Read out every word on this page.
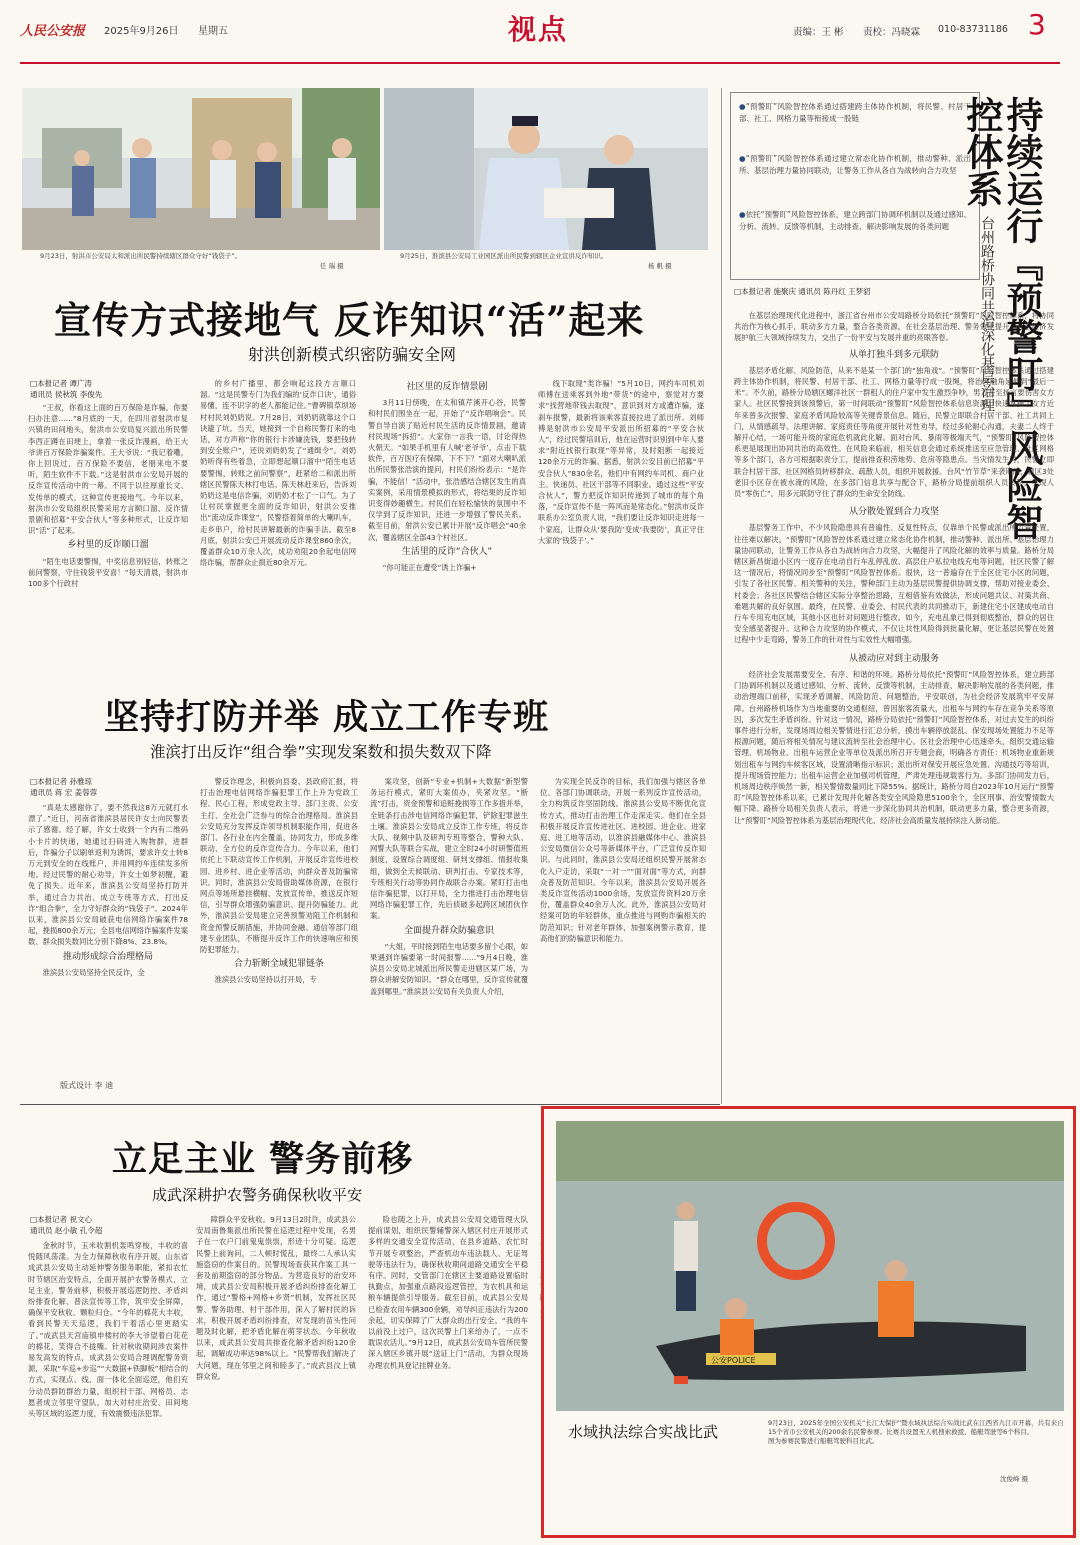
人民公安报 2025年9月26日 星期五	视点	责编：王 彬 责校：冯晓霖 010-83731186 3
9月23日，射洪市公安局太和派出所民警持续辖区群众守好“钱袋子”。
任 瑞 摄
9月25日，淮滨县公安局工业园区派出所民警到辖区企业宣讲反诈知识。
杨 帆 摄
●“预警盯”风险智控体系通过搭建跨主体协作机制，将民警、村居干部、社工、网格力量等衔接成一股链
●“预警盯”风险智控体系通过建立常态化协作机制，推动警种、派出所、基层治理力量协同联动，让警务工作从各自为战转向合力攻坚
●依托“预警盯”风险智控体系，建立跨部门协调环机制以及通过感知、分析、流转、反馈等机制，主动排查、解决影响发展的各类问题	持续运行『预警盯』风险智控体系
台州路桥协同共治深化基层治理
□本报记者 施聚庆 通讯员 陈丹红 王梦貂

在基层治理现代化进程中，浙江省台州市公安局路桥分局依托“预警盯”风险智控体系，将协同共治作为核心抓手，联动多方力量，整合各类资源，在社会基层治理、警务效能提升、社会经济发展护航三大领域持续发力，交出了一份平安与发展并重的亮眼答卷。

从单打独斗到多元联防

基层矛盾化解、风险防范，从来不是某一个部门的“独角戏”。“预警盯”风险智控体系通过搭建跨主体协作机制，将民警、村居干部、社工、网格力量等拧成一股绳，将治理触角延伸到“最后一米”。不久前，路桥分局辖区螺洋社区一群租人的住户家中发生激烈争吵，男方甚至扬言要伤害女方家人。社区民警接到该预警后，第一时间联动“预警盯”风险智控体系信息资源，快速掌握了女方近年来曾多次报警、家庭矛盾风险较高等关键背景信息。随后，民警立即联合村居干部、社工共同上门，从情感疏导、法理讲解、家庭责任等角度开展针对性劝导，经过多轮耐心沟通，夫妻二人终于解开心结，一场可能升级的家庭危机就此化解。面对台风、暴雨等极端天气，“预警盯”风险智控体系更是展现出协同共治的高效性。在风险来临前，相关信息会通过系统推送至应急管理、社区网格等多个部门，各方可根据职责分工，提前排查积涝地势、危房等隐患点。当灾情发生时，民警立即联合村居干部、社区网格员转移群众、疏散人员，组织开展救援。台风“竹节草”来袭期间，辖区3处老旧小区存在被水淹的风险，在多部门信息共享与配合下，路桥分局提前组织人员转移，实现人员“零伤亡”，用多元联防守住了群众的生命安全防线。

从分散处置到合力攻坚

基层警务工作中，不少风险隐患具有普遍性、反复性特点，仅靠单个民警或派出所力量处置，往往难以解决。“预警盯”风险智控体系通过建立常态化协作机制，推动警种、派出所、基层治理力量协同联动，让警务工作从各自为战转向合力攻坚，大幅提升了风险化解的效率与质量。路桥分局辖区新昌街道小区内一度存在电动自行车乱停乱放、高层住户私拉电线充电等问题，社区民警了解这一情况后，将情况同步至“预警盯”风险智控体系。很快，这一普遍存在于全区住宅小区的问题，引发了各社区民警、相关警种的关注，警种部门主动为基层民警提供协调支撑，帮助对接业委会、村委会；各社区民警结合辖区实际分享整治思路，互相借鉴有效做法，形成问题共议、对策共商、难题共解的良好氛围。最终，在民警、业委会、村民代表的共同推动下，新建住宅小区建成电动自行车专用充电区域，其他小区也针对问题进行整改。如今，充电乱象已得到彻底整治，群众的居住安全感显著提升。这种合力攻坚的协作模式，不仅让共性风险得到批量化解，更让基层民警在处置过程中少走弯路，警务工作的针对性与实效性大幅增强。

从被动应对到主动服务

经济社会发展需要安全、有序、和谐的环境。路桥分局依托“预警盯”风险智控体系，建立跨部门协调环机制以及通过感知、分析、流转、反馈等机制，主动排查、解决影响发展的各类问题，推动治理端口前移，实现矛盾调解、风险防范、问题整治、平安联创，为社会经济发展筑牢平安屏障。台州路桥机场作为当地重要的交通枢纽，曾因旅客流量大，出租车与网约车存在竞争关系等原因，多次发生矛盾纠纷。针对这一情况，路桥分局依托“预警盯”风险智控体系，对过去发生的纠纷事件进行分析，发现场周边相关警情进行汇总分析，摸出车辆停放混乱、保安现场处置能力不足等根源问题，随后将相关情况与建议流转至社会治理中心。区社会治理中心迅速牵头，组织交通运输管理、机场物业、出租车运营企业等单位及派出所召开专题会商，明确各方责任：机场物业重新规划出租车与网约车候客区域，设置清晰指示标识；派出所对保安开展应急处置、沟通技巧等培训，提升现场管控能力；出租车运营企业加强司机管理，严肃处理违规载客行为。多部门协同发力后，机场周边秩序焕然一新，相关警情数量同比下降55%。据统计，路桥分局自2023年10月运行“预警盯”风险智控体系以来，已累计发现并化解各类安全风险隐患5100余个，全区刑事、治安警情数大幅下降。路桥分局相关负责人表示，将进一步深化协同共治机制，联动更多力量，整合更多资源，让“预警盯”风险智控体系为基层治理现代化、经济社会高质量发展持续注入新动能。

宣传方式接地气 反诈知识“活”起来
射洪创新模式织密防骗安全网
□本报记者 谭广涛
通讯员 侯秋筑 李俊先

“王叔，你看这上面的百万保险是诈骗，你要扫办注意……”8月底的一天，在四川省射洪市复兴镇的田间地头，射洪市公安局复兴派出所民警李西正蹲在田埂上，拿着一张反诈漫画，给王大爷讲百万保险诈骗案件。王大爷说：“我记着嘞，你上回说过，百万保险不要信，老朋来电不要听，陌生软件不下载。”这是射洪市公安局开展的反诈宣传活动中的一幕。不同于以往厚重长文、发传单的模式，这种宣传更接地气。今年以来，射洪市公安局组织民警采用方言顺口溜、反诈情景剧和招募“平安合伙人”等多种形式，让反诈知识“活”了起来。

乡村里的反诈顺口溜

“陌生电话要警惕，中奖信息别轻信，转账之前问警察，守住钱袋平安喜！”每天清晨，射洪市100多个行政村

的乡村广播里，都会响起这段方言顺口溜。“这是民警专门为我们编的‘反诈口诀’，通俗易懂，连不识字的老人都能记住。”曹碑镇草坝场村村民刘奶奶说。7月28日，刘奶奶就靠这个口诀避了坑。当天，她接到一个自称民警打来的电话，对方声称“你的银行卡涉嫌洗钱，要把钱转到安全账户”，还说刘奶奶发了“通缉令”。刘奶奶听得有些着急，立即想起顺口溜中“陌生电话要警惕，转账之前问警察”，赶紧给二和派出所辖区民警陈天林打电话。陈天林赶来后，告诉刘奶奶这是电信诈骗，刘奶奶才松了一口气。为了让村民掌握更全面的反诈知识，射洪公安推出“流动反诈课堂”，民警搭着简单的大喇叭车，走乡串户，给村民讲解最新的诈骗手法。截至8月底，射洪公安已开展流动反诈课堂860余次，覆盖群众10万余人次，成功劝阻20余起电信网络诈骗，帮群众止损近80余万元。

社区里的反诈情景剧

3月11日傍晚，在太和镇芹溪开心谷，民警和村民们围坐在一起，开始了“反诈唱响会”。民警自导自演了贴近村民生活的反诈情景剧，邀请村民现场“拆招”。大家你一言我一语，讨论得热火朝天。“如果手机里有人喊‘老爷爷’，点击下载软件，百万医疗有保障，下不下？”面对大喇叭派出所民警张浩演的提问，村民们纷纷表示：“是诈骗，不能信！”活动中，张浩感结合辖区发生的真实案例，采用情景模拟的形式，将结果的反诈知识变得妙趣横生。村民们在轻松愉快的氛围中不仅学到了反诈知识，还进一步增强了警民关系。截至目前，射洪公安已累计开展“反诈唱会”40余次，覆盖辖区全部43个村社区。

生活里的反诈“合伙人”

“你可能正在遭受”诱上诈骗+

线下取现”类诈骗！”5月10日，网约车司机刘师傅在送乘客到外地“带货”的途中，察觉对方要求“找营地带钱去取现”，意识到对方或遭诈骗，遂刹车报警，最新将该乘客直接拉进了派出所。刘师傅是射洪市公安局平安派出所招募的“平安合伙人”，经过民警培训后，他在运营时识别到中年人要求“附近找银行取现”等异常，及时阻断一起接近120余万元的诈骗。据悉，射洪公安目前已招募“平安合伙人”830余名，他们中有网约车司机、商户业主、快递员、社区干部等不同职业。通过这些“平安合伙人”，警方把反诈知识传递到了城市的每个角落，“反诈宣传不是一阵风而是常态化。”射洪市反诈联系办公室负责人说，“我们要让反诈知识走进每一个家庭，让群众从‘要我防’变成‘我要防’，真正守住大家的‘钱袋子’。”

坚持打防并举 成立工作专班
淮滨打出反诈“组合拳”实现发案数和损失数双下降
□本报记者 孙雅琼
通讯员 蒋 宏 姜蓉蓉

“真是太感谢你了，要不然我这8万元就打水漂了。”近日，河南省淮滨县居民许女士向民警表示了感谢。经了解，许女士收到一个内有二维码小卡片的快递，她通过扫码进入购物群，进群后，诈骗分子以刷单返利为诱饵，要求许女士转8万元到安全的在线账户，并用网约车连续发多所地。经过民警的耐心劝导，许女士如梦初醒，避免了损失。近年来，淮滨县公安局坚持打防并举，通过合力共治、成立专班等方式，打出反诈“组合拳”，全力守好群众的“钱袋子”。2024年以来，淮滨县公安局破获电信网络诈骗案件78起，挽损800余万元；全县电信网络诈骗案件发案数、群众损失数同比分别下降8%、23.8%。

推动形成综合治理格局

淮滨县公安局坚持全民反诈，全

警反诈理念，积极向县委、县政府汇报，将打击治理电信网络诈骗犯罪工作上升为党政工程、民心工程，形成党政主导、部门主责、公安主打、全社会广泛参与的综合治理格局。淮滨县公安局充分发挥反诈领导机制职能作用，促进各部门、各行业在内全覆盖，协同发力，形成多维联动、全方位的反诈宣传合力。今年以来，他们依托上下联动宣传工作机制，开展反诈宣传进校园、进乡村、进企业等活动，向群众普及防骗常识。同时，淮滨县公安局借助媒体资源，在银行网点等场所悬挂横幅、发放宣传单，推送反诈短信，引导群众增强防骗意识、提升防骗能力。此外，淮滨县公安局建立完善预警劝阻工作机制和资金预警反制措施，并协同金融、通信等部门组建专业团队，不断提升反诈工作的快速响应和预防犯罪能力。

合力斩断全域犯罪链条

淮滨县公安局坚持以打开局，专

案攻坚，创新“专业+机制+大数据”新型警务运行模式，紧盯大案侦办，夹紧攻坚。“断流”打击，资金预警和追赃挽损等工作多措并举，全链条打击涉电信网络诈骗犯罪，铲除犯罪滋生土壤。淮滨县公安局成立反诈工作专班，将反诈大队、视频中队及研判专班等整合，警种大队、网警大队等联合实战，建立全时24小时研警值班制度，设置综合调度组、研判支撑组、情报收集组，做到全天候联动、研判打击、专家技术等，专班相关行动等协同作战联合办案。紧盯打击电信诈骗犯罪，以打开局，全力推进打击治理电信网络诈骗犯罪工作，先后侦破多起跨区域团伙作案。

全面提升群众防骗意识

“大姐，平时接到陌生电话要多留个心眼，如果遇到诈骗要第一时间报警……”9月4日晚，淮滨县公安局北城派出所民警走进辖区某广场，为群众讲解安防知识。“群众在哪里，反诈宣传就覆盖到哪里。”淮滨县公安局有关负责人介绍，

为实现全民反诈的目标，我们加强与辖区各单位、各部门协调联动，开展一系列反诈宣传活动，全力构筑反诈坚固防线。淮滨县公安局不断优化宣传方式，推动打击治理工作走深走实。他们在全县积极开展反诈宣传进社区、进校园、进企业、进家庭、进工地等活动，以淮滨县融媒体中心、淮滨县公安局微信公众号等新媒体平台，广泛宣传反诈知识。与此同时，淮滨县公安局还组织民警开展常态化入户走访，采取“一对一”“面对面”等方式，向群众普及防范知识。今年以来，淮滨县公安局开展各类反诈宣传活动1000余场，发放宣传资料20万余份，覆盖群众40余万人次。此外，淮滨县公安局对经案可防的年轻群体，重点推进与网购诈骗相关的防范知识；针对老年群体，加强案例警示教育，提高他们的防骗意识和能力。

版式设计 李 迪
立足主业 警务前移
成武深耕护农警务确保秋收平安
□本报记者 祝文心
通讯员 赵小敏 孔令超

金秋时节，玉米收割机轰鸣穿梭，丰收的喜悦随风荡漾。为全力保障秋收有序开展，山东省成武县公安局主动延伸警务服务职能，紧扣农忙时节辖区治安特点，全面开展护农警务模式，立足主业，警务前移，积极开展巡逻防控、矛盾纠纷排查化解、普法宣传等工作，筑牢安全屏障，确保平安秋收、颗粒归仓。“今年的棉花大丰收，看到民警天天巡逻，我们干着活心里更踏实了。”成武县天宫庙镇申楼村的李大爷望着白花花的棉花，笑得合不拢嘴。针对秋收期间涉农案件易发高发的特点，成武县公安局合理调配警务资源，采取“车巡+步巡”“大数据+铁脚板”相结合的方式，实现点、线、面一体化全面巡逻，他们充分动员群防群治力量，组织村干部、网格员、志愿者成立邻里守望队，加大对村庄治安、田间地头等区域的巡逻力度，有效震慑违法犯罪。

障群众平安秋收。9月13日2时许，成武县公安局南鲁集派出所民警在巡逻过程中发现，名男子在一农户门前鬼鬼祟祟，形迹十分可疑。巡逻民警上前询问，二人顿时慌乱，最终二人承认实施盗窃的作案目的。民警现场查获其作案工具一套及前期盗窃的部分物品。为营造良好的治安环境，成武县公安局积极开展矛盾纠纷排查化解工作，通过“警格+网格+乡贤”机制，发挥社区民警、警务助理、村干部作用，深入了解村民的诉求，积极开展矛盾纠纷排查，对发现的苗头性问题及时化解，把矛盾化解在萌芽状态。今年秋收以来，成武县公安局共排查化解矛盾纠纷120余起，调解成功率达98%以上。“民警帮我们解决了大问题，现在邻里之间和睦多了。”成武县汶上镇群众说。

险也随之上升，成武县公安局交通管理大队提前谋划，组织民警辅警深入辖区村庄开展形式多样的交通安全宣传活动，在县乡道路、农忙时节开展专项整治，严查机动车违法载人、无证驾驶等违法行为，确保秋收期间道路交通安全平稳有序。同时，交管部门在辖区主要道路设置临时执勤点，加强重点路段巡逻管控，为农机具和运粮车辆提供引导服务。截至目前，成武县公安局已检查农用车辆300余辆，劝导纠正违法行为200余起，切实保障了广大群众的出行安全。“我的车以前没上过户，这次民警上门来给办了，一点不耽误农活儿。”9月12日，成武县公安局车管所民警深入辖区乡镇开展“送证上门”活动，为群众现场办理农机具登记挂牌业务。

公安POLICE
水域执法综合实战比武	9月23日，2025年全国公安机关“长江大保护”暨水域执法综合实战比武在江西省九江市开幕，共有来自15个省市公安机关的200余名民警参赛。比赛共设置无人机搜索救援、船艇驾驶等6个科目。
图为参赛民警进行船艇驾驶科目比武。
沈俊峰 摄
